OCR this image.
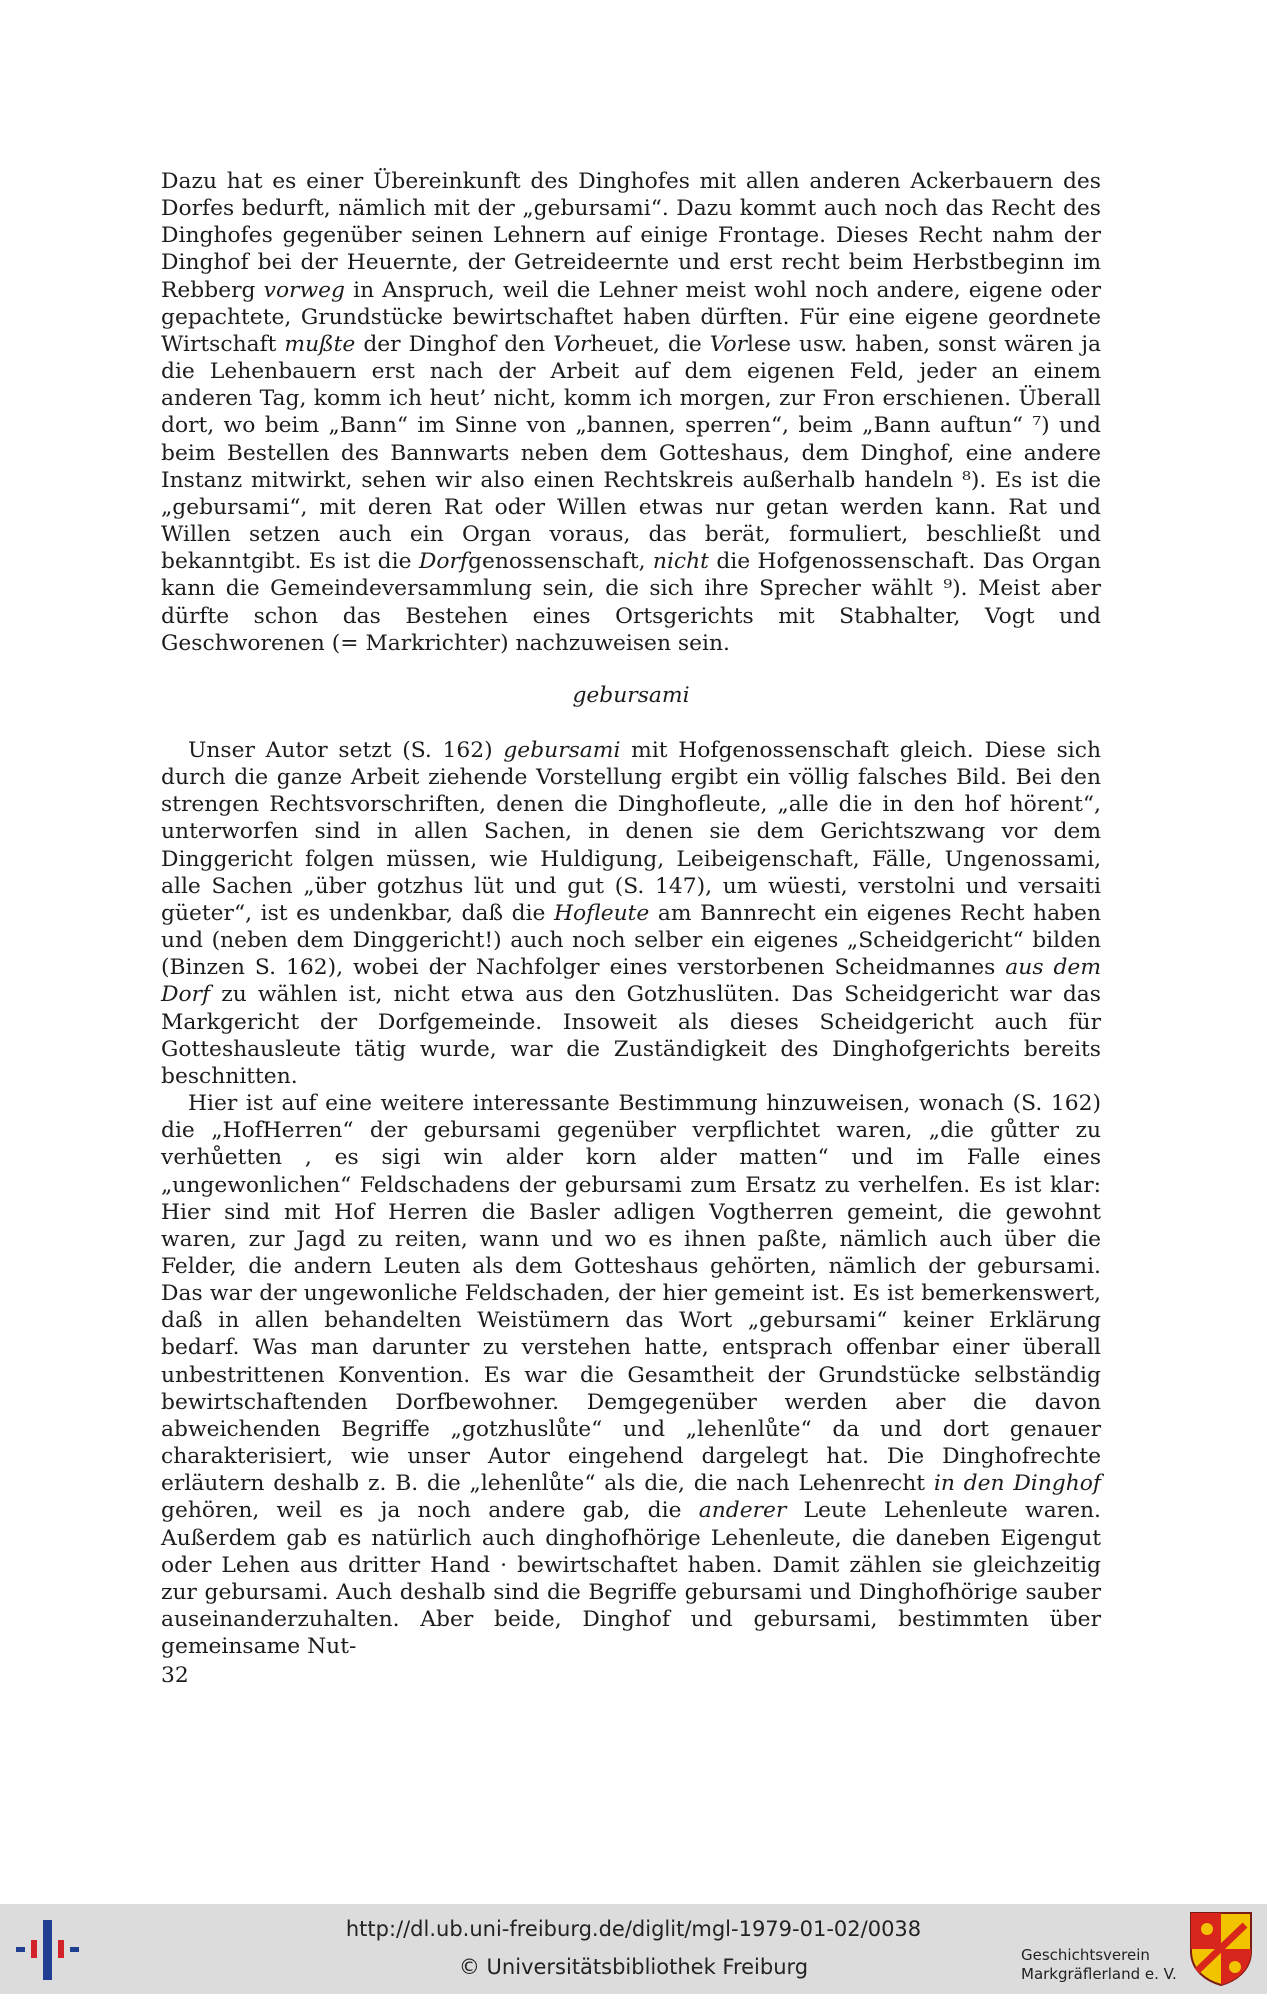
Dazu hat es einer Übereinkunft des Dinghofes mit allen anderen Ackerbauern des Dorfes bedurft, nämlich mit der „gebursami“. Dazu kommt auch noch das Recht des Dinghofes gegenüber seinen Lehnern auf einige Frontage. Dieses Recht nahm der Dinghof bei der Heuernte, der Getreideernte und erst recht beim Herbstbeginn im Rebberg vorweg in Anspruch, weil die Lehner meist wohl noch andere, eigene oder gepachtete, Grundstücke bewirtschaftet haben dürften. Für eine eigene geordnete Wirtschaft mußte der Dinghof den Vorheuet, die Vorlese usw. haben, sonst wären ja die Lehenbauern erst nach der Arbeit auf dem eigenen Feld, jeder an einem anderen Tag, komm ich heut’ nicht, komm ich morgen, zur Fron erschienen. Überall dort, wo beim „Bann“ im Sinne von „bannen, sperren“, beim „Bann auftun“ ⁷) und beim Bestellen des Bannwarts neben dem Gotteshaus, dem Dinghof, eine andere Instanz mitwirkt, sehen wir also einen Rechtskreis außerhalb handeln ⁸). Es ist die „gebursami“, mit deren Rat oder Willen etwas nur getan werden kann. Rat und Willen setzen auch ein Organ voraus, das berät, formuliert, beschließt und bekanntgibt. Es ist die Dorfgenossenschaft, nicht die Hofgenossenschaft. Das Organ kann die Gemeindeversammlung sein, die sich ihre Sprecher wählt ⁹). Meist aber dürfte schon das Bestehen eines Ortsgerichts mit Stabhalter, Vogt und Geschworenen (= Markrichter) nachzuweisen sein.

gebursami

Unser Autor setzt (S. 162) gebursami mit Hofgenossenschaft gleich. Diese sich durch die ganze Arbeit ziehende Vorstellung ergibt ein völlig falsches Bild. Bei den strengen Rechtsvorschriften, denen die Dinghofleute, „alle die in den hof hörent“, unterworfen sind in allen Sachen, in denen sie dem Gerichtszwang vor dem Dinggericht folgen müssen, wie Huldigung, Leibeigenschaft, Fälle, Ungenossami, alle Sachen „über gotzhus lüt und gut (S. 147), um wüesti, verstolni und versaiti güeter“, ist es undenkbar, daß die Hofleute am Bannrecht ein eigenes Recht haben und (neben dem Dinggericht!) auch noch selber ein eigenes „Scheidgericht“ bilden (Binzen S. 162), wobei der Nachfolger eines verstorbenen Scheidmannes aus dem Dorf zu wählen ist, nicht etwa aus den Gotzhuslüten. Das Scheidgericht war das Markgericht der Dorfgemeinde. Insoweit als dieses Scheidgericht auch für Gotteshausleute tätig wurde, war die Zuständigkeit des Dinghofgerichts bereits beschnitten.

Hier ist auf eine weitere interessante Bestimmung hinzuweisen, wonach (S. 162) die „HofHerren“ der gebursami gegenüber verpflichtet waren, „die gůtter zu verhůetten , es sigi win alder korn alder matten“ und im Falle eines „ungewonlichen“ Feldschadens der gebursami zum Ersatz zu verhelfen. Es ist klar: Hier sind mit Hof Herren die Basler adligen Vogtherren gemeint, die gewohnt waren, zur Jagd zu reiten, wann und wo es ihnen paßte, nämlich auch über die Felder, die andern Leuten als dem Gotteshaus gehörten, nämlich der gebursami. Das war der ungewonliche Feldschaden, der hier gemeint ist. Es ist bemerkenswert, daß in allen behandelten Weistümern das Wort „gebursami“ keiner Erklärung bedarf. Was man darunter zu verstehen hatte, entsprach offenbar einer überall unbestrittenen Konvention. Es war die Gesamtheit der Grundstücke selbständig bewirtschaftenden Dorfbewohner. Demgegenüber werden aber die davon abweichenden Begriffe „gotzhuslůte“ und „lehenlůte“ da und dort genauer charakterisiert, wie unser Autor eingehend dargelegt hat. Die Dinghofrechte erläutern deshalb z. B. die „lehenlůte“ als die, die nach Lehenrecht in den Dinghof gehören, weil es ja noch andere gab, die anderer Leute Lehenleute waren. Außerdem gab es natürlich auch dinghofhörige Lehenleute, die daneben Eigengut oder Lehen aus dritter Hand · bewirtschaftet haben. Damit zählen sie gleichzeitig zur gebursami. Auch deshalb sind die Begriffe gebursami und Dinghofhörige sauber auseinanderzuhalten. Aber beide, Dinghof und gebursami, bestimmten über gemeinsame Nut-

32

http://dl.ub.uni-freiburg.de/diglit/mgl-1979-01-02/0038

© Universitätsbibliothek Freiburg	Geschichtsverein
Markgräflerland e. V.
